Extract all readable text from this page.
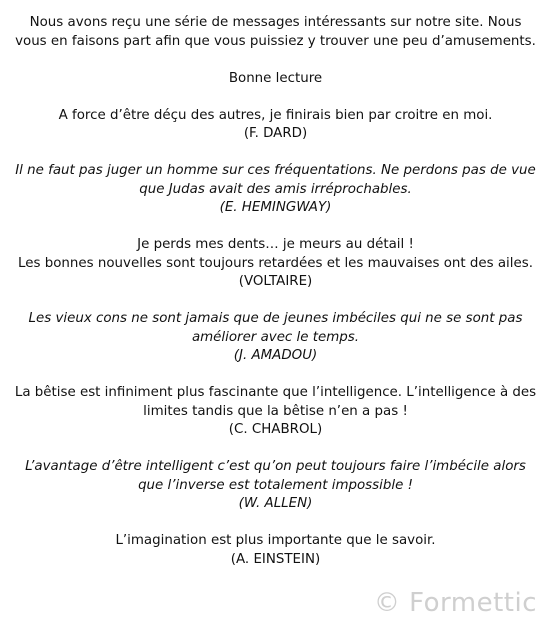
Nous avons reçu une série de messages intéressants sur notre site. Nous vous en faisons part afin que vous puissiez y trouver une peu d’amusements.

Bonne lecture

A force d’être déçu des autres, je finirais bien par croitre en moi.

(F. DARD)

Il ne faut pas juger un homme sur ces fréquentations. Ne perdons pas de vue que Judas avait des amis irréprochables.

(E. HEMINGWAY)

Je perds mes dents… je meurs au détail !

Les bonnes nouvelles sont toujours retardées et les mauvaises ont des ailes.

(VOLTAIRE)

Les vieux cons ne sont jamais que de jeunes imbéciles qui ne se sont pas améliorer avec le temps.

(J. AMADOU)

La bêtise est infiniment plus fascinante que l’intelligence. L’intelligence à des limites tandis que la bêtise n’en a pas !

(C. CHABROL)

L’avantage d’être intelligent c’est qu’on peut toujours faire l’imbécile alors que l’inverse est totalement impossible !

(W. ALLEN)

L’imagination est plus importante que le savoir.

(A. EINSTEIN)

© Formettic
